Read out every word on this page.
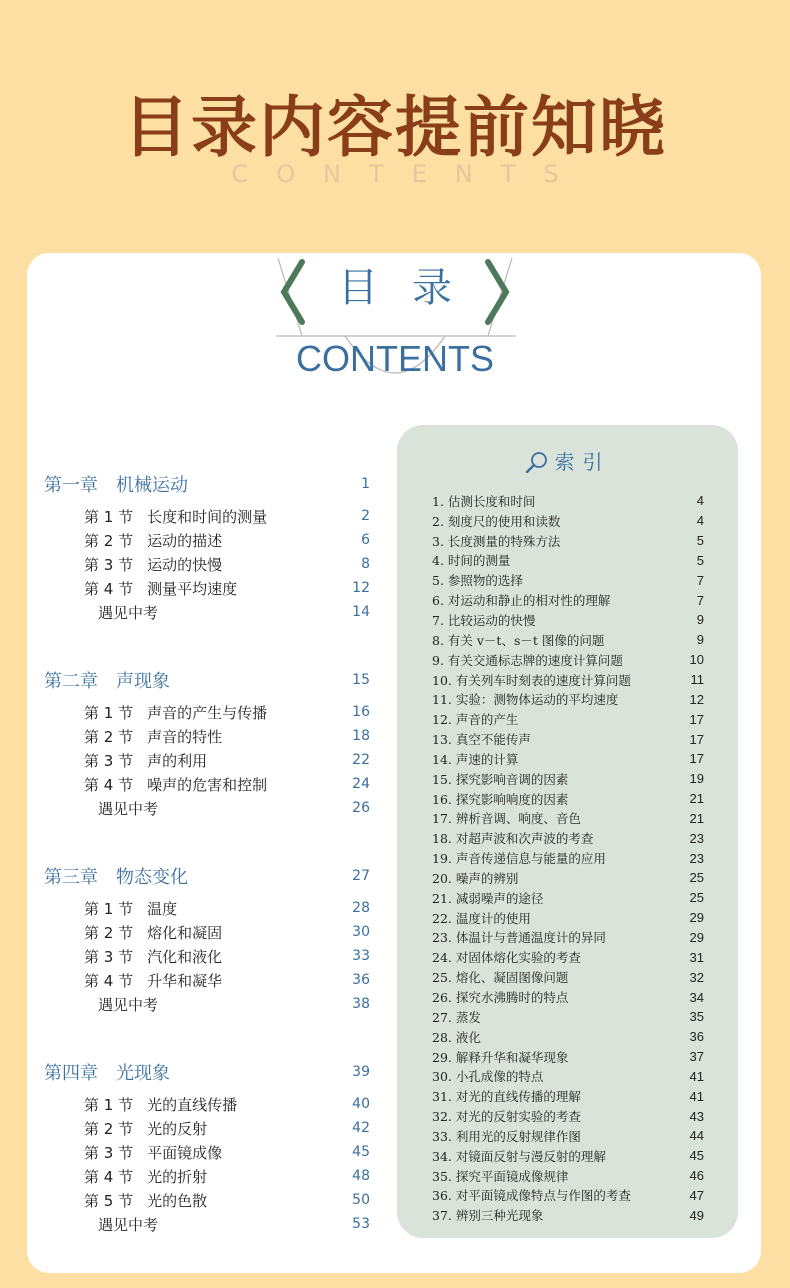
目录内容提前知晓
CONTENTS
目录
CONTENTS
第一章　机械运动	1
第 1 节 长度和时间的测量	2
第 2 节 运动的描述	6
第 3 节 运动的快慢	8
第 4 节 测量平均速度	12
遇见中考	14
第二章　声现象	15
第 1 节 声音的产生与传播	16
第 2 节 声音的特性	18
第 3 节 声的利用	22
第 4 节 噪声的危害和控制	24
遇见中考	26
第三章　物态变化	27
第 1 节 温度	28
第 2 节 熔化和凝固	30
第 3 节 汽化和液化	33
第 4 节 升华和凝华	36
遇见中考	38
第四章　光现象	39
第 1 节 光的直线传播	40
第 2 节 光的反射	42
第 3 节 平面镜成像	45
第 4 节 光的折射	48
第 5 节 光的色散	50
遇见中考	53
索引
1. 估测长度和时间	4
2. 刻度尺的使用和读数	4
3. 长度测量的特殊方法	5
4. 时间的测量	5
5. 参照物的选择	7
6. 对运动和静止的相对性的理解	7
7. 比较运动的快慢	9
8. 有关 v－t、s－t 图像的问题	9
9. 有关交通标志牌的速度计算问题	10
10. 有关列车时刻表的速度计算问题	11
11. 实验：测物体运动的平均速度	12
12. 声音的产生	17
13. 真空不能传声	17
14. 声速的计算	17
15. 探究影响音调的因素	19
16. 探究影响响度的因素	21
17. 辨析音调、响度、音色	21
18. 对超声波和次声波的考查	23
19. 声音传递信息与能量的应用	23
20. 噪声的辨别	25
21. 减弱噪声的途径	25
22. 温度计的使用	29
23. 体温计与普通温度计的异同	29
24. 对固体熔化实验的考查	31
25. 熔化、凝固图像问题	32
26. 探究水沸腾时的特点	34
27. 蒸发	35
28. 液化	36
29. 解释升华和凝华现象	37
30. 小孔成像的特点	41
31. 对光的直线传播的理解	41
32. 对光的反射实验的考查	43
33. 利用光的反射规律作图	44
34. 对镜面反射与漫反射的理解	45
35. 探究平面镜成像规律	46
36. 对平面镜成像特点与作图的考查	47
37. 辨别三种光现象	49
